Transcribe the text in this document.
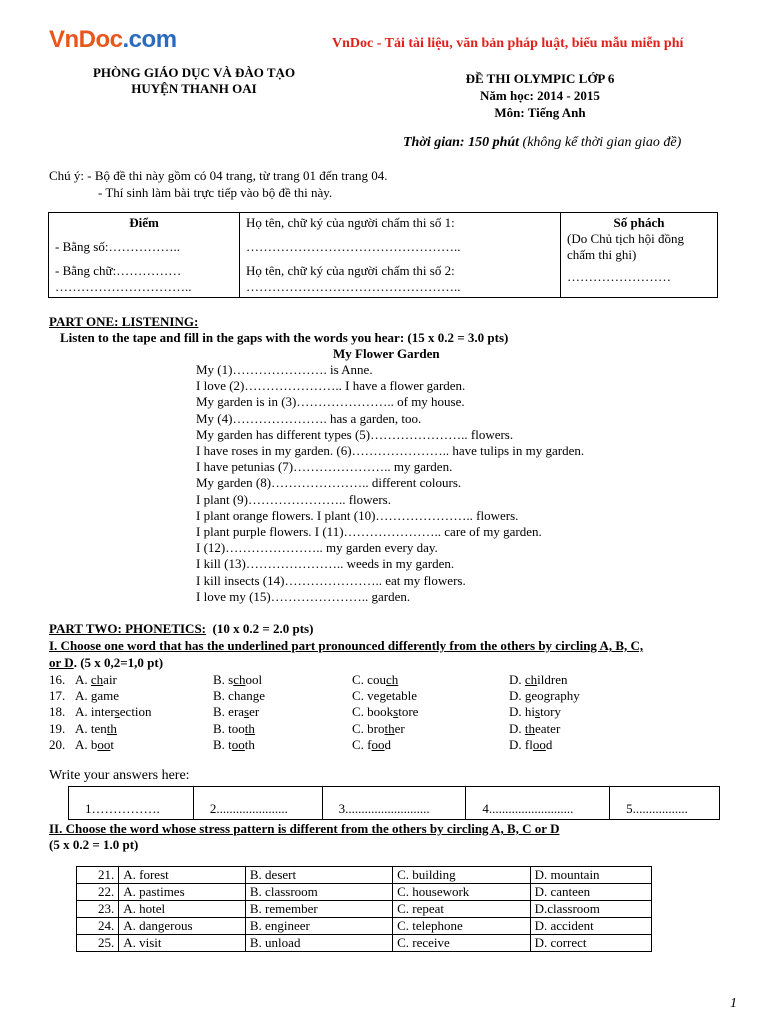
VnDoc.com	VnDoc - Tải tài liệu, văn bản pháp luật, biểu mẫu miễn phí
PHÒNG GIÁO DỤC VÀ ĐÀO TẠO
HUYỆN THANH OAI
ĐỀ THI OLYMPIC LỚP 6
Năm học: 2014 - 2015
Môn: Tiếng Anh
Thời gian: 150 phút (không kể thời gian giao đề)
Chú ý: - Bộ đề thi này gồm có 04 trang, từ trang 01 đến trang 04.
- Thí sinh làm bài trực tiếp vào bộ đề thi này.
Điểm
- Bằng số:……………..
- Bằng chữ:……………
…………………………..

Họ tên, chữ ký của người chấm thi số 1:
…………………………………………..
Họ tên, chữ ký của người chấm thi số 2:
…………………………………………..

Số phách
(Do Chủ tịch hội đồng
chấm thi ghi)
……………………
PART ONE: LISTENING:
Listen to the tape and fill in the gaps with the words you hear: (15 x 0.2 = 3.0 pts)
My Flower Garden
My (1)…………………. is Anne.
I love (2)………………….. I have a flower garden.
My garden is in (3)………………….. of my house.
My (4)…………………. has a garden, too.
My garden has different types (5)………………….. flowers.
I have roses in my garden. (6)………………….. have tulips in my garden.
I have petunias (7)………………….. my garden.
My garden (8)………………….. different colours.
I plant (9)………………….. flowers.
I plant orange flowers. I plant (10)………………….. flowers.
I plant purple flowers. I (11)………………….. care of my garden.
I (12)………………….. my garden every day.
I kill (13)………………….. weeds in my garden.
I kill insects (14)………………….. eat my flowers.
I love my (15)………………….. garden.
PART TWO: PHONETICS: (10 x 0.2 = 2.0 pts)
I. Choose one word that has the underlined part pronounced differently from the others by circling A, B, C,
or D. (5 x 0,2=1,0 pt)
16. A. chair	B. school	C. couch	D. children
17. A. game	B. change	C. vegetable	D. geography
18. A. intersection	B. eraser	C. bookstore	D. history
19. A. tenth	B. tooth	C. brother	D. theater
20. A. boot	B. tooth	C. food	D. flood
Write your answers here:
1…………….	2......................	3..........................	4..........................	5.................
II. Choose the word whose stress pattern is different from the others by circling A, B, C or D
(5 x 0.2 = 1.0 pt)
21.	A. forest	B. desert	C. building	D. mountain
22.	A. pastimes	B. classroom	C. housework	D. canteen
23.	A. hotel	B. remember	C. repeat	D.classroom
24.	A. dangerous	B. engineer	C. telephone	D. accident
25.	A. visit	B. unload	C. receive	D. correct
1
